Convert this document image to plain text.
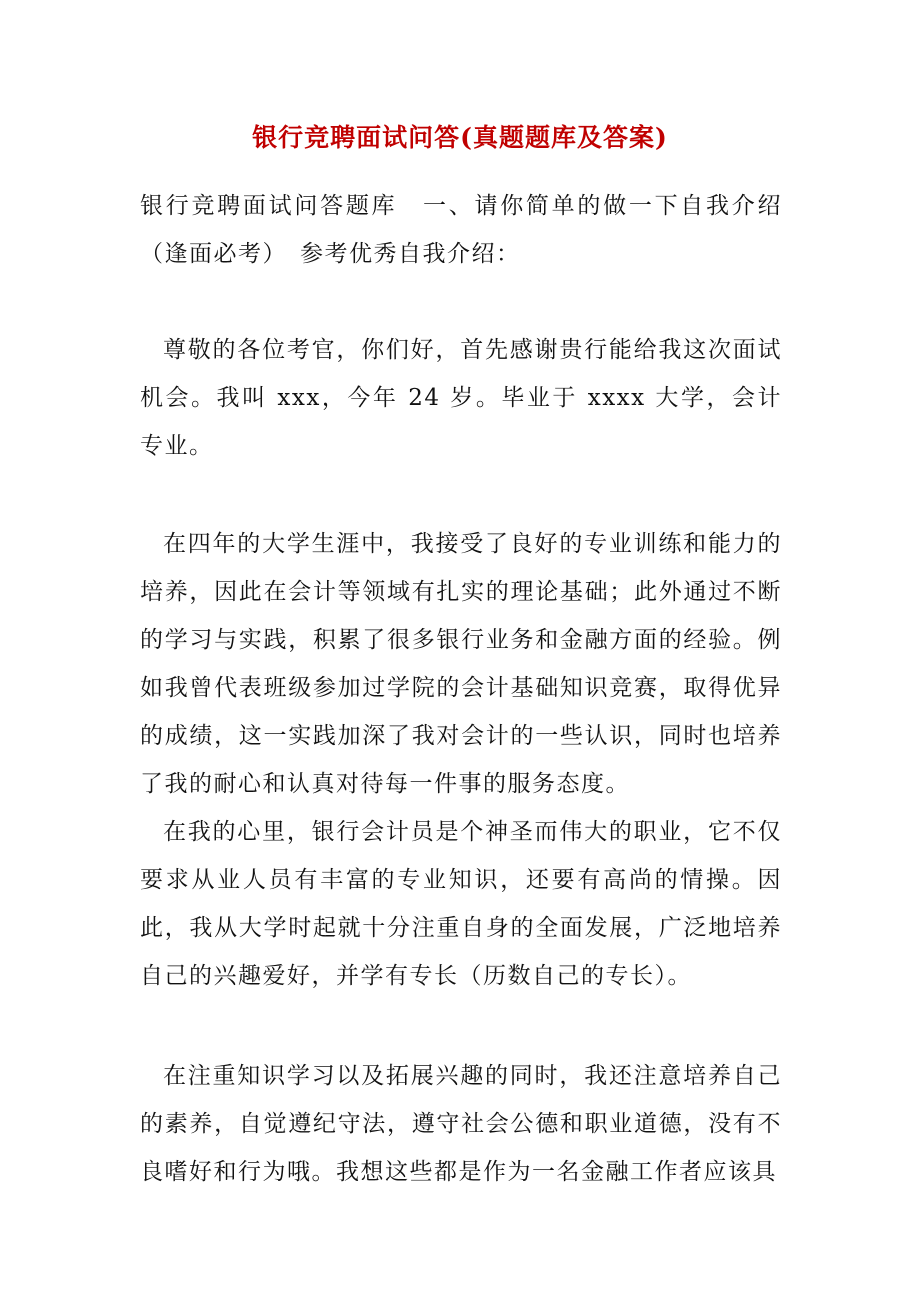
银行竞聘面试问答(真题题库及答案)

银行竞聘面试问答题库　一、请你简单的做一下自我介绍（逢面必考）　参考优秀自我介绍：

尊敬的各位考官，你们好，首先感谢贵行能给我这次面试机会。我叫 xxx，今年 24 岁。毕业于 xxxx 大学，会计专业。

在四年的大学生涯中，我接受了良好的专业训练和能力的培养，因此在会计等领域有扎实的理论基础；此外通过不断的学习与实践，积累了很多银行业务和金融方面的经验。例如我曾代表班级参加过学院的会计基础知识竞赛，取得优异的成绩，这一实践加深了我对会计的一些认识，同时也培养了我的耐心和认真对待每一件事的服务态度。

在我的心里，银行会计员是个神圣而伟大的职业，它不仅要求从业人员有丰富的专业知识，还要有高尚的情操。因此，我从大学时起就十分注重自身的全面发展，广泛地培养自己的兴趣爱好，并学有专长（历数自己的专长）。

在注重知识学习以及拓展兴趣的同时，我还注意培养自己的素养，自觉遵纪守法，遵守社会公德和职业道德，没有不良嗜好和行为哦。我想这些都是作为一名金融工作者应该具
